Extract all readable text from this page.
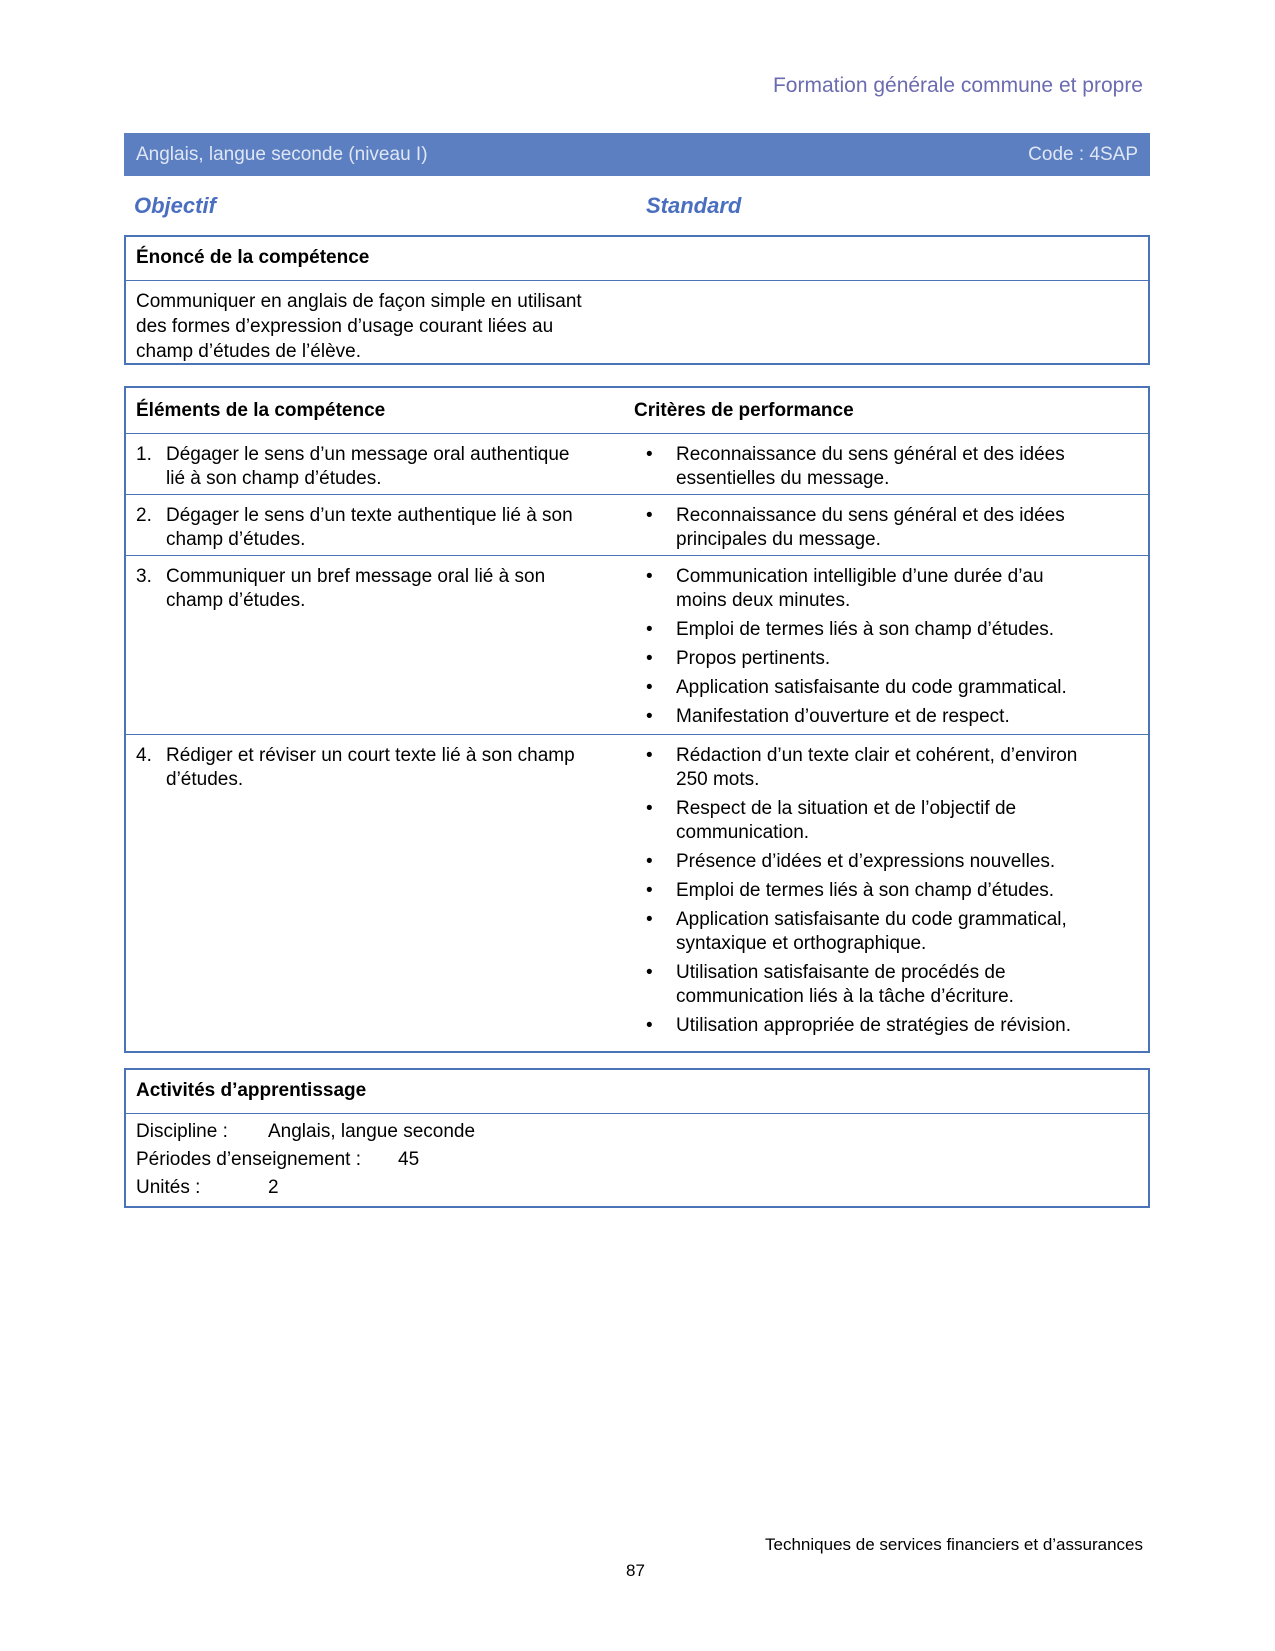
Formation générale commune et propre
Anglais, langue seconde (niveau I)	Code : 4SAP
Objectif	Standard
Énoncé de la compétence
Communiquer en anglais de façon simple en utilisant
des formes d’expression d’usage courant liées au
champ d’études de l’élève.
Éléments de la compétence	Critères de performance
1. Dégager le sens d’un message oral authentique
lié à son champ d’études.
•	Reconnaissance du sens général et des idées
essentielles du message.
2. Dégager le sens d’un texte authentique lié à son
champ d’études.
•	Reconnaissance du sens général et des idées
principales du message.
3. Communiquer un bref message oral lié à son
champ d’études.
•	Communication intelligible d’une durée d’au
moins deux minutes.
•	Emploi de termes liés à son champ d’études.
•	Propos pertinents.
•	Application satisfaisante du code grammatical.
•	Manifestation d’ouverture et de respect.
4. Rédiger et réviser un court texte lié à son champ
d’études.
•	Rédaction d’un texte clair et cohérent, d’environ
250 mots.
•	Respect de la situation et de l’objectif de
communication.
•	Présence d’idées et d’expressions nouvelles.
•	Emploi de termes liés à son champ d’études.
•	Application satisfaisante du code grammatical,
syntaxique et orthographique.
•	Utilisation satisfaisante de procédés de
communication liés à la tâche d’écriture.
•	Utilisation appropriée de stratégies de révision.
Activités d’apprentissage
Discipline :	Anglais, langue seconde
Périodes d’enseignement :	45
Unités :	2
Techniques de services financiers et d’assurances
87
